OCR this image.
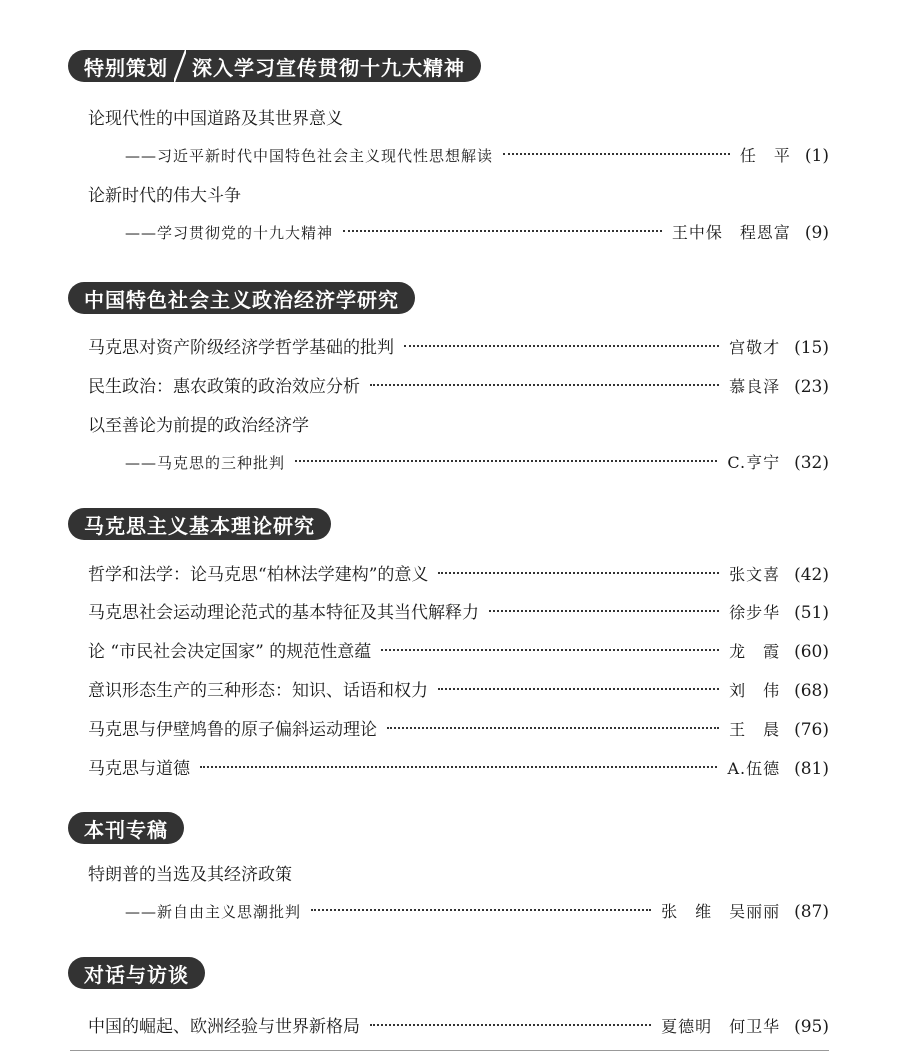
特别策划 深入学习宣传贯彻十九大精神
论现代性的中国道路及其世界意义
——习近平新时代中国特色社会主义现代性思想解读	任　平 (1)
论新时代的伟大斗争
——学习贯彻党的十九大精神	王中保　程恩富 (9)
中国特色社会主义政治经济学研究
马克思对资产阶级经济学哲学基础的批判	宫敬才 (15)
民生政治：惠农政策的政治效应分析	慕良泽 (23)
以至善论为前提的政治经济学
——马克思的三种批判	C.亨宁 (32)
马克思主义基本理论研究
哲学和法学：论马克思“柏林法学建构”的意义	张文喜 (42)
马克思社会运动理论范式的基本特征及其当代解释力	徐步华 (51)
论 “市民社会决定国家” 的规范性意蕴	龙　霞 (60)
意识形态生产的三种形态：知识、话语和权力	刘　伟 (68)
马克思与伊壁鸠鲁的原子偏斜运动理论	王　晨 (76)
马克思与道德	A.伍德 (81)
本刊专稿
特朗普的当选及其经济政策
——新自由主义思潮批判	张　维　吴丽丽 (87)
对话与访谈
中国的崛起、欧洲经验与世界新格局	夏德明　何卫华 (95)
